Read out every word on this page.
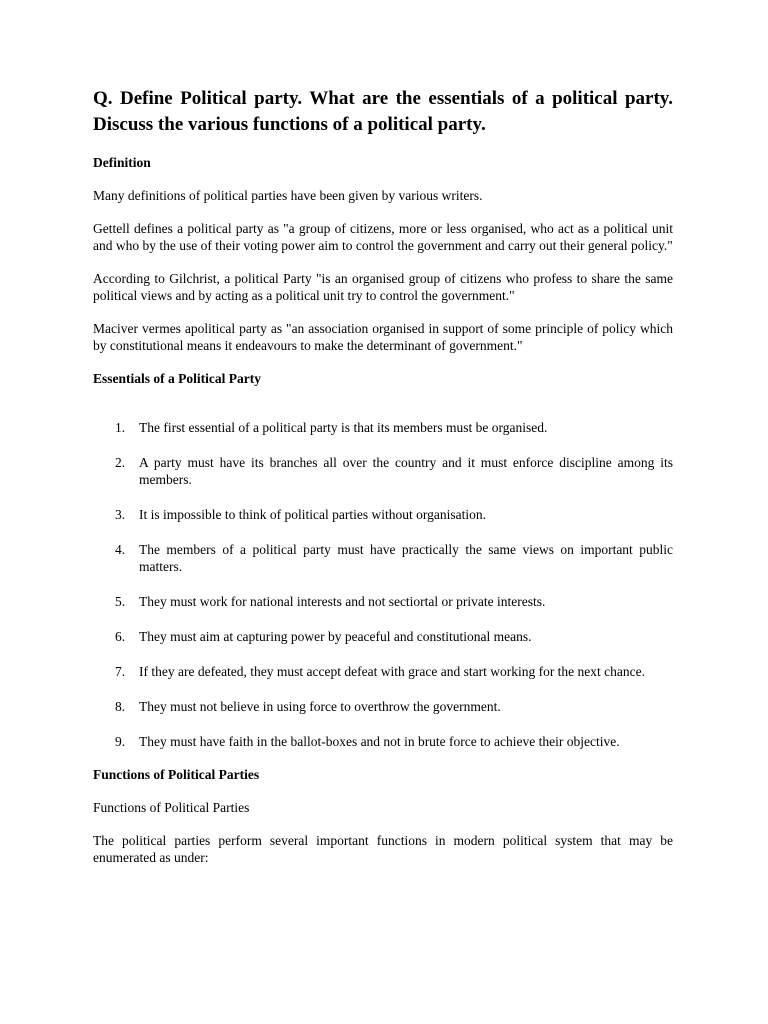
Q. Define Political party. What are the essentials of a political party. Discuss the various functions of a political party.

Definition

Many definitions of political parties have been given by various writers.

Gettell defines a political party as "a group of citizens, more or less organised, who act as a political unit and who by the use of their voting power aim to control the government and carry out their general policy."

According to Gilchrist, a political Party "is an organised group of citizens who profess to share the same political views and by acting as a political unit try to control the government."

Maciver vermes apolitical party as "an association organised in support of some principle of policy which by constitutional means it endeavours to make the determinant of government."

Essentials of a Political Party

1. The first essential of a political party is that its members must be organised.
2. A party must have its branches all over the country and it must enforce discipline among its members.
3. It is impossible to think of political parties without organisation.
4. The members of a political party must have practically the same views on important public matters.
5. They must work for national interests and not sectiortal or private interests.
6. They must aim at capturing power by peaceful and constitutional means.
7. If they are defeated, they must accept defeat with grace and start working for the next chance.
8. They must not believe in using force to overthrow the government.
9. They must have faith in the ballot-boxes and not in brute force to achieve their objective.

Functions of Political Parties

Functions of Political Parties

The political parties perform several important functions in modern political system that may be enumerated as under:
